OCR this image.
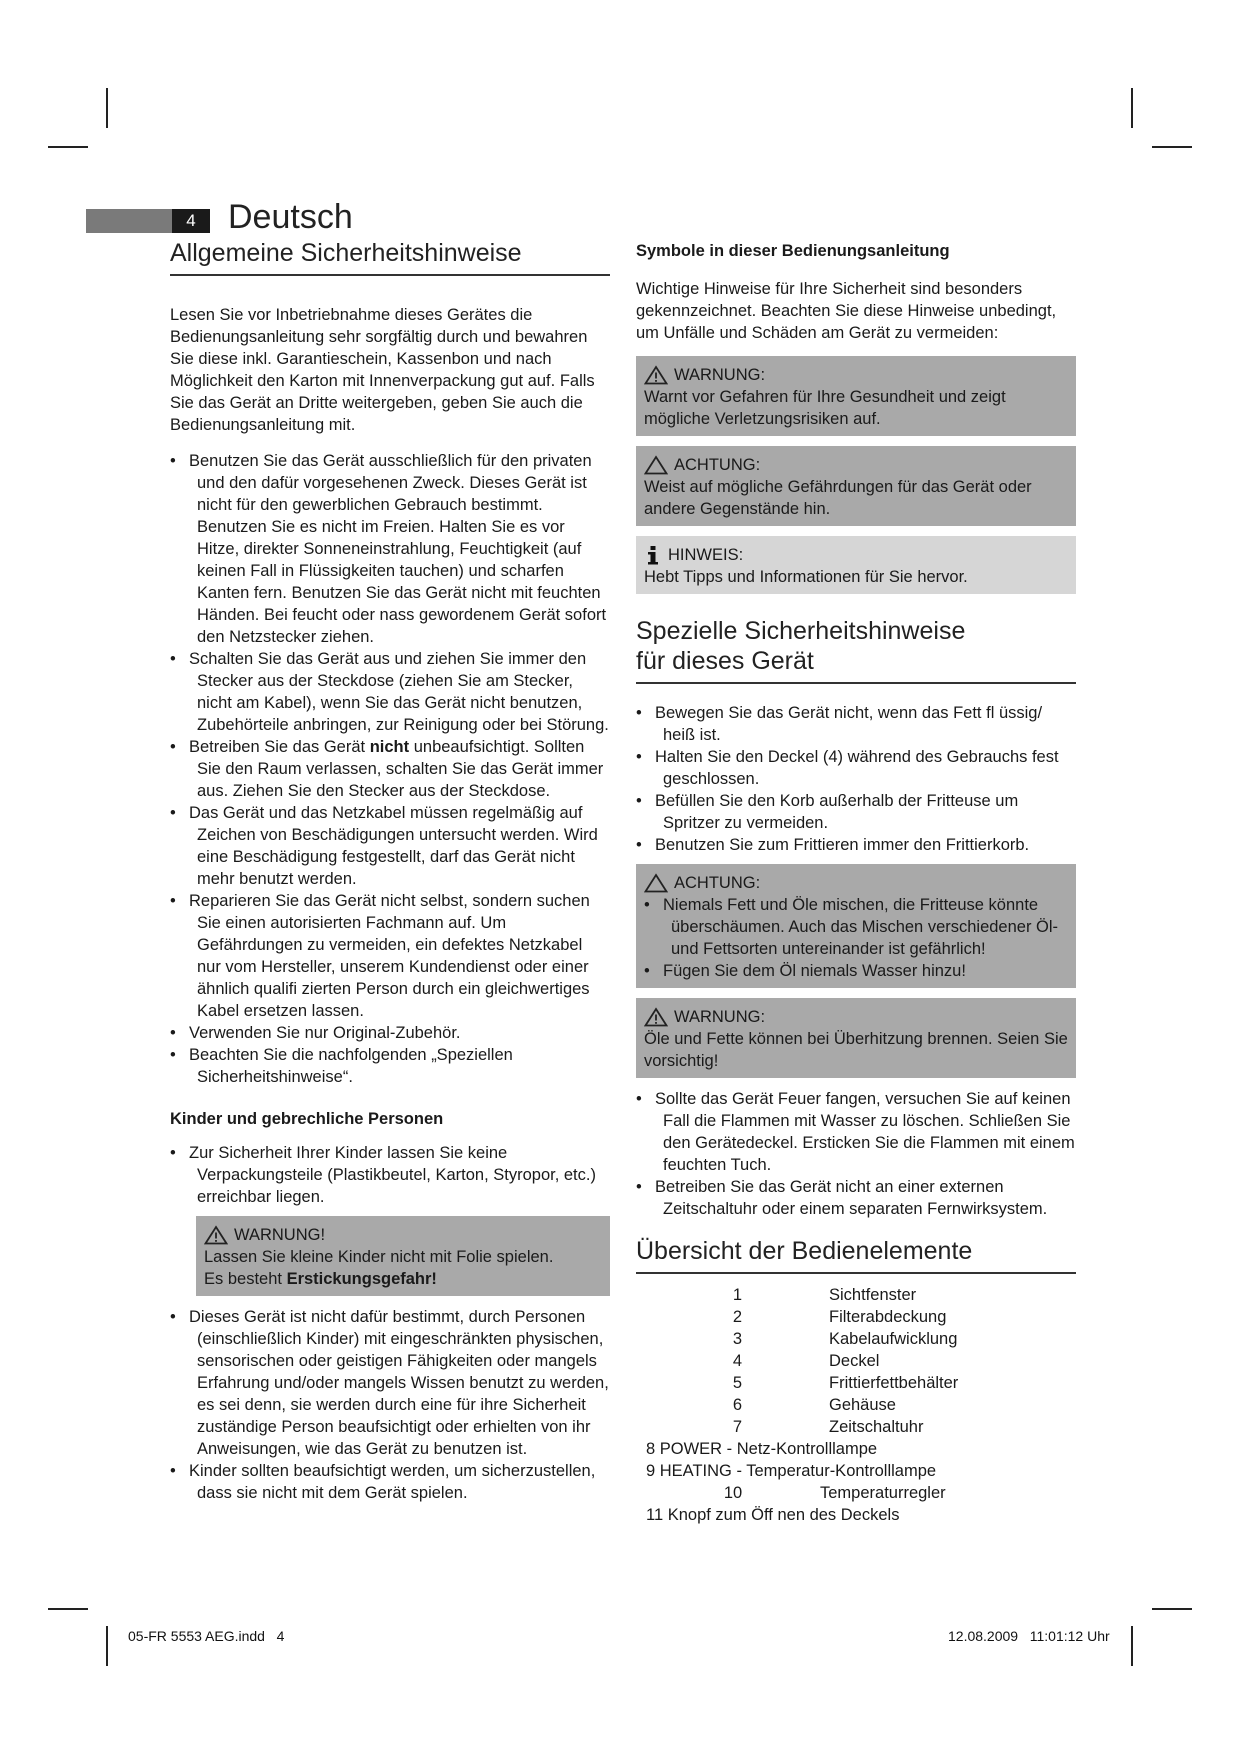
4 Deutsch
Allgemeine Sicherheitshinweise

Lesen Sie vor Inbetriebnahme dieses Gerätes die Bedienungsanleitung sehr sorgfältig durch und bewahren Sie diese inkl. Garantieschein, Kassenbon und nach Möglichkeit den Karton mit Innenverpackung gut auf. Falls Sie das Gerät an Dritte weitergeben, geben Sie auch die Bedienungsanleitung mit.

• Benutzen Sie das Gerät ausschließlich für den privaten und den dafür vorgesehenen Zweck. Dieses Gerät ist nicht für den gewerblichen Gebrauch bestimmt. Benutzen Sie es nicht im Freien. Halten Sie es vor Hitze, direkter Sonneneinstrahlung, Feuchtigkeit (auf keinen Fall in Flüssigkeiten tauchen) und scharfen Kanten fern. Benutzen Sie das Gerät nicht mit feuchten Händen. Bei feucht oder nass gewordenem Gerät sofort den Netzstecker ziehen.
• Schalten Sie das Gerät aus und ziehen Sie immer den Stecker aus der Steckdose (ziehen Sie am Stecker, nicht am Kabel), wenn Sie das Gerät nicht benutzen, Zubehörteile anbringen, zur Reinigung oder bei Störung.
• Betreiben Sie das Gerät nicht unbeaufsichtigt. Sollten Sie den Raum verlassen, schalten Sie das Gerät immer aus. Ziehen Sie den Stecker aus der Steckdose.
• Das Gerät und das Netzkabel müssen regelmäßig auf Zeichen von Beschädigungen untersucht werden. Wird eine Beschädigung festgestellt, darf das Gerät nicht mehr benutzt werden.
• Reparieren Sie das Gerät nicht selbst, sondern suchen Sie einen autorisierten Fachmann auf. Um Gefährdungen zu vermeiden, ein defektes Netzkabel nur vom Hersteller, unserem Kundendienst oder einer ähnlich qualifi zierten Person durch ein gleichwertiges Kabel ersetzen lassen.
• Verwenden Sie nur Original-Zubehör.
• Beachten Sie die nachfolgenden „Speziellen Sicherheitshinweise“.
Kinder und gebrechliche Personen
• Zur Sicherheit Ihrer Kinder lassen Sie keine Verpackungsteile (Plastikbeutel, Karton, Styropor, etc.) erreichbar liegen.
WARNUNG!
Lassen Sie kleine Kinder nicht mit Folie spielen.
Es besteht Erstickungsgefahr!
• Dieses Gerät ist nicht dafür bestimmt, durch Personen (einschließlich Kinder) mit eingeschränkten physischen, sensorischen oder geistigen Fähigkeiten oder mangels Erfahrung und/oder mangels Wissen benutzt zu werden, es sei denn, sie werden durch eine für ihre Sicherheit zuständige Person beaufsichtigt oder erhielten von ihr Anweisungen, wie das Gerät zu benutzen ist.
• Kinder sollten beaufsichtigt werden, um sicherzustellen, dass sie nicht mit dem Gerät spielen.
Symbole in dieser Bedienungsanleitung

Wichtige Hinweise für Ihre Sicherheit sind besonders gekennzeichnet. Beachten Sie diese Hinweise unbedingt, um Unfälle und Schäden am Gerät zu vermeiden:

WARNUNG:
Warnt vor Gefahren für Ihre Gesundheit und zeigt mögliche Verletzungsrisiken auf.
ACHTUNG:
Weist auf mögliche Gefährdungen für das Gerät oder andere Gegenstände hin.
HINWEIS:
Hebt Tipps und Informationen für Sie hervor.
Spezielle Sicherheitshinweise
für dieses Gerät
• Bewegen Sie das Gerät nicht, wenn das Fett fl üssig/ heiß ist.
• Halten Sie den Deckel (4) während des Gebrauchs fest geschlossen.
• Befüllen Sie den Korb außerhalb der Fritteuse um Spritzer zu vermeiden.
• Benutzen Sie zum Frittieren immer den Frittierkorb.
ACHTUNG:
• Niemals Fett und Öle mischen, die Fritteuse könnte überschäumen. Auch das Mischen verschiedener Öl- und Fettsorten untereinander ist gefährlich!
• Fügen Sie dem Öl niemals Wasser hinzu!
WARNUNG:
Öle und Fette können bei Überhitzung brennen. Seien Sie vorsichtig!
• Sollte das Gerät Feuer fangen, versuchen Sie auf keinen Fall die Flammen mit Wasser zu löschen. Schließen Sie den Gerätedeckel. Ersticken Sie die Flammen mit einem feuchten Tuch.
• Betreiben Sie das Gerät nicht an einer externen Zeitschaltuhr oder einem separaten Fernwirksystem.
Übersicht der Bedienelemente
1	Sichtfenster
2	Filterabdeckung
3	Kabelaufwicklung
4	Deckel
5	Frittierfettbehälter
6	Gehäuse
7	Zeitschaltuhr
8 POWER - Netz-Kontrolllampe
9 HEATING - Temperatur-Kontrolllampe
10	Temperaturregler
11 Knopf zum Öff nen des Deckels
05-FR 5553 AEG.indd   4	12.08.2009   11:01:12 Uhr
